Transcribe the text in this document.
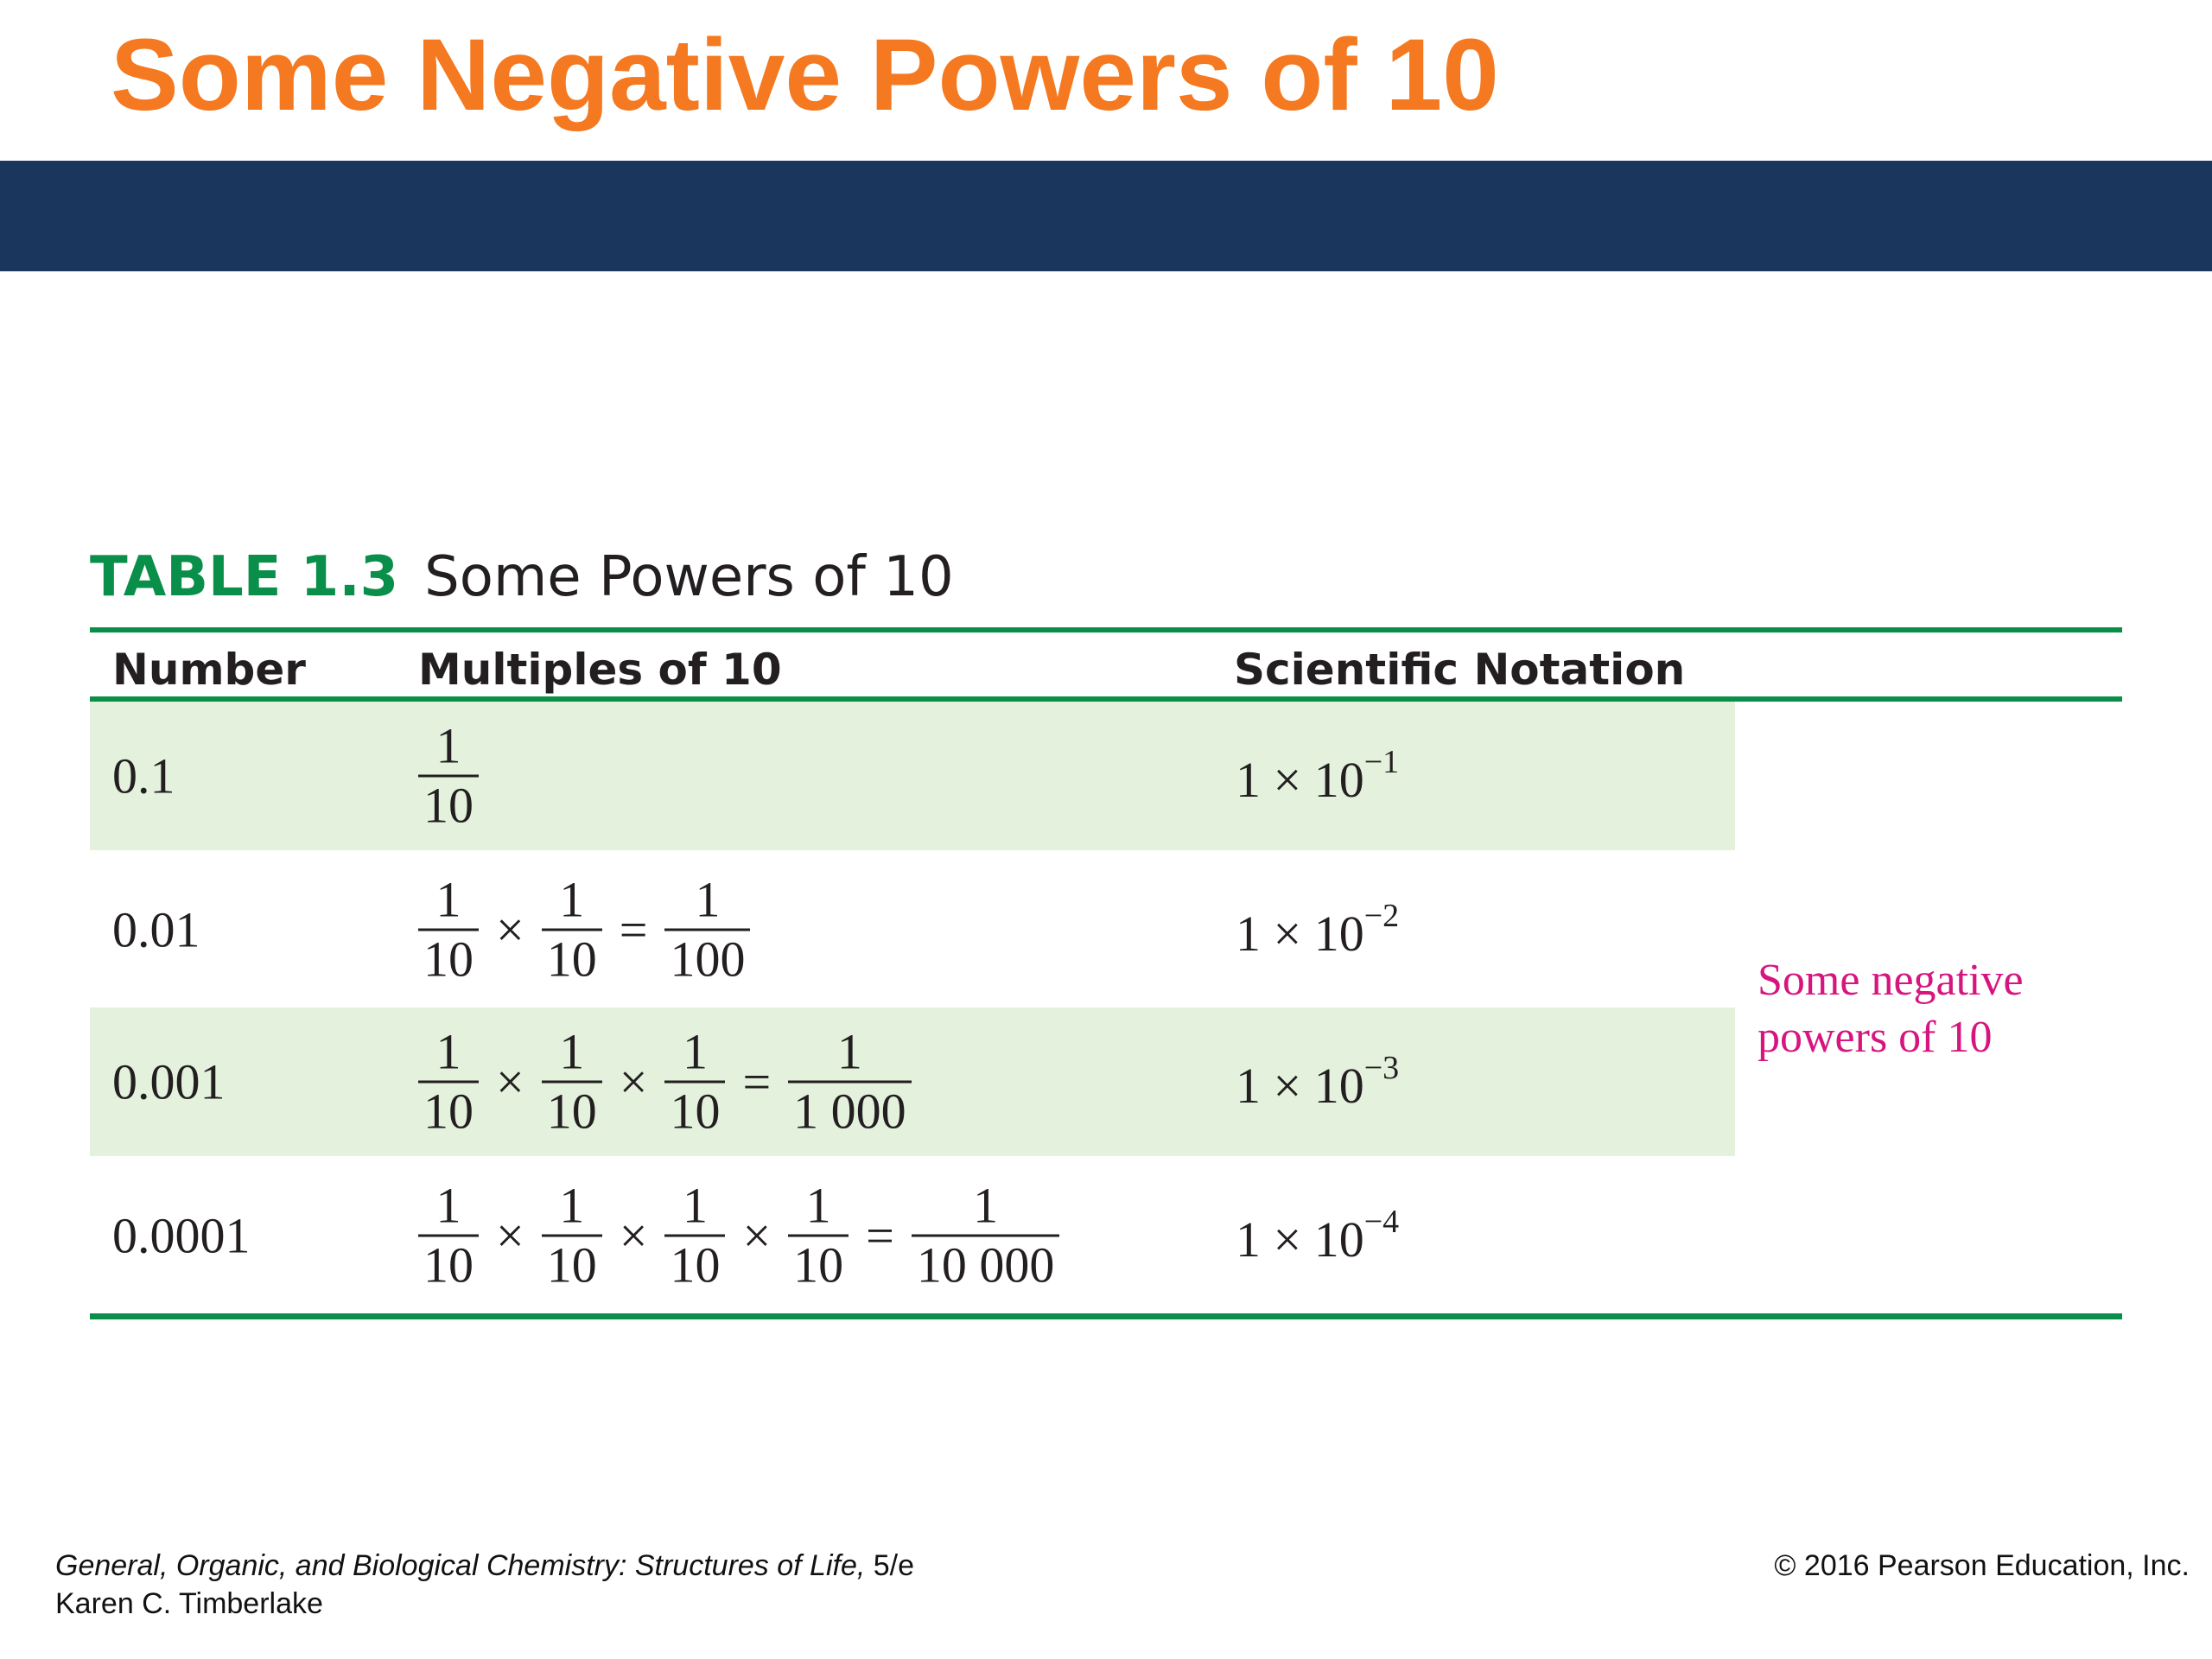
Some Negative Powers of 10
TABLE 1.3 Some Powers of 10
Number	Multiples of 10	Scientific Notation
0.1	$\frac{1}{10}$	$1 \times 10^{-1}$
0.01	$\frac{1}{10} \times \frac{1}{10} = \frac{1}{100}$	$1 \times 10^{-2}$
0.001	$\frac{1}{10} \times \frac{1}{10} \times \frac{1}{10} = \frac{1}{1 000}$	$1 \times 10^{-3}$
0.0001	$\frac{1}{10} \times \frac{1}{10} \times \frac{1}{10} \times \frac{1}{10} = \frac{1}{10 000}$	$1 \times 10^{-4}$
Some negative
powers of 10
General, Organic, and Biological Chemistry: Structures of Life, 5/e
Karen C. Timberlake
© 2016 Pearson Education, Inc.
